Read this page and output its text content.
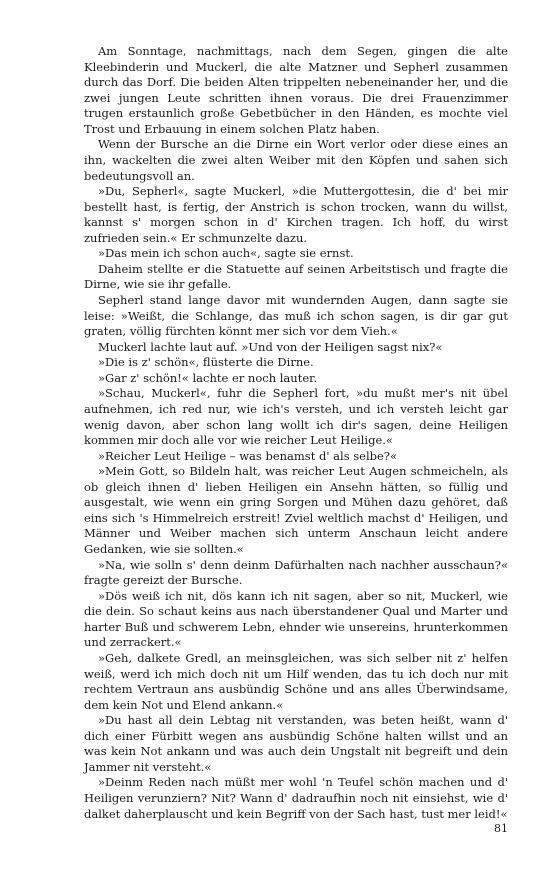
Am Sonntage, nachmittags, nach dem Segen, gingen die alte Kleebinderin und Muckerl, die alte Matzner und Sepherl zusammen durch das Dorf. Die beiden Alten trippelten nebeneinander her, und die zwei jungen Leute schritten ihnen voraus. Die drei Frauenzimmer trugen erstaunlich große Gebetbücher in den Händen, es mochte viel Trost und Erbauung in einem solchen Platz haben.

Wenn der Bursche an die Dirne ein Wort verlor oder diese eines an ihn, wackelten die zwei alten Weiber mit den Köpfen und sahen sich bedeutungsvoll an.

»Du, Sepherl«, sagte Muckerl, »die Muttergottesin, die d' bei mir bestellt hast, is fertig, der Anstrich is schon trocken, wann du willst, kannst s' morgen schon in d' Kirchen tragen. Ich hoff, du wirst zufrieden sein.« Er schmunzelte dazu.

»Das mein ich schon auch«, sagte sie ernst.

Daheim stellte er die Statuette auf seinen Arbeitstisch und fragte die Dirne, wie sie ihr gefalle.

Sepherl stand lange davor mit wundernden Augen, dann sagte sie leise: »Weißt, die Schlange, das muß ich schon sagen, is dir gar gut graten, völlig fürchten könnt mer sich vor dem Vieh.«

Muckerl lachte laut auf. »Und von der Heiligen sagst nix?«

»Die is z' schön«, flüsterte die Dirne.

»Gar z' schön!« lachte er noch lauter.

»Schau, Muckerl«, fuhr die Sepherl fort, »du mußt mer's nit übel aufnehmen, ich red nur, wie ich's versteh, und ich versteh leicht gar wenig davon, aber schon lang wollt ich dir's sagen, deine Heiligen kommen mir doch alle vor wie reicher Leut Heilige.«

»Reicher Leut Heilige – was benamst d' als selbe?«

»Mein Gott, so Bildeln halt, was reicher Leut Augen schmeicheln, als ob gleich ihnen d' lieben Heiligen ein Ansehn hätten, so füllig und ausgestalt, wie wenn ein gring Sorgen und Mühen dazu gehöret, daß eins sich 's Himmelreich erstreit! Zviel weltlich machst d' Heiligen, und Männer und Weiber machen sich unterm Anschaun leicht andere Gedanken, wie sie sollten.«

»Na, wie solln s' denn deinm Dafürhalten nach nachher ausschaun?« fragte gereizt der Bursche.

»Dös weiß ich nit, dös kann ich nit sagen, aber so nit, Muckerl, wie die dein. So schaut keins aus nach überstandener Qual und Marter und harter Buß und schwerem Lebn, ehnder wie unsereins, hrunterkommen und zerrackert.«

»Geh, dalkete Gredl, an meinsgleichen, was sich selber nit z' helfen weiß, werd ich mich doch nit um Hilf wenden, das tu ich doch nur mit rechtem Vertraun ans ausbündig Schöne und ans alles Überwindsame, dem kein Not und Elend ankann.«

»Du hast all dein Lebtag nit verstanden, was beten heißt, wann d' dich einer Fürbitt wegen ans ausbündig Schöne halten willst und an was kein Not ankann und was auch dein Ungstalt nit begreift und dein Jammer nit versteht.«

»Deinm Reden nach müßt mer wohl 'n Teufel schön machen und d' Heiligen verunziern? Nit? Wann d' dadraufhin noch nit einsiehst, wie d' dalket daherplauscht und kein Begriff von der Sach hast, tust mer leid!«

81
